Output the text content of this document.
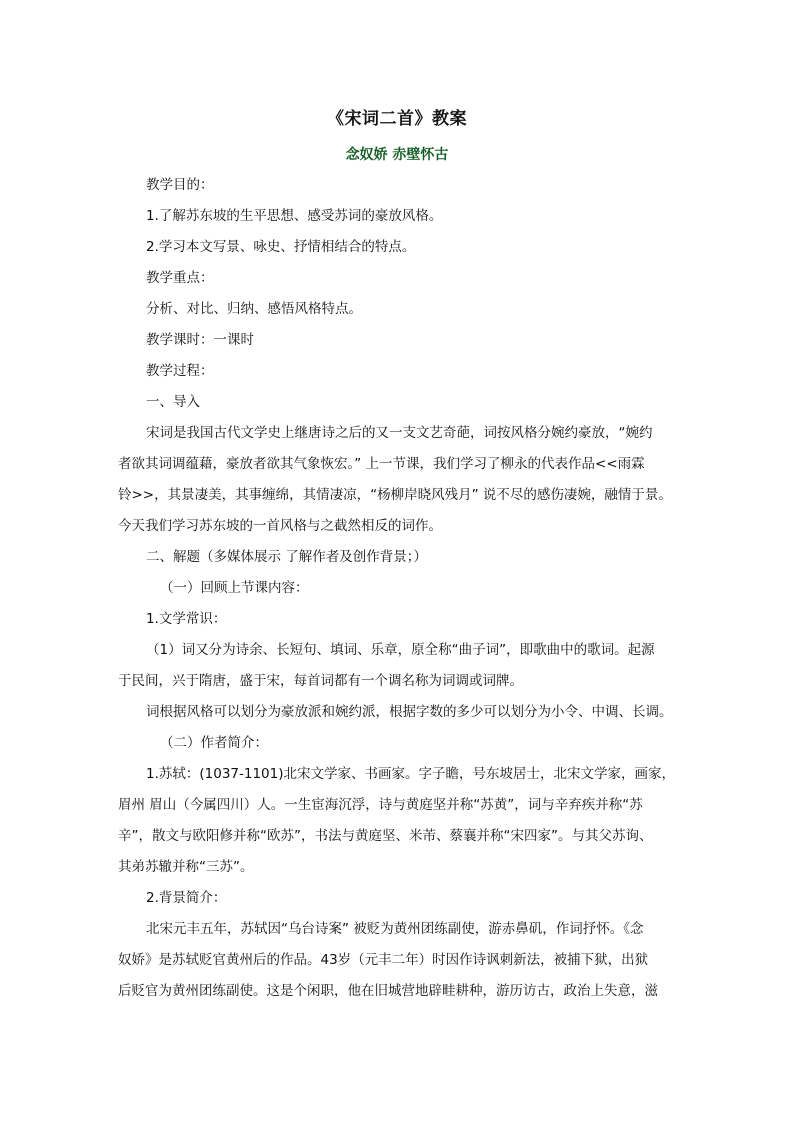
《宋词二首》教案
念奴娇 赤壁怀古
教学目的：
1.了解苏东坡的生平思想、感受苏词的豪放风格。
2.学习本文写景、咏史、抒情相结合的特点。
教学重点：
分析、对比、归纳、感悟风格特点。
教学课时：一课时
教学过程：
一、导入
宋词是我国古代文学史上继唐诗之后的又一支文艺奇葩，词按风格分婉约豪放，“婉约
者欲其词调蕴藉，豪放者欲其气象恢宏。” 上一节课，我们学习了柳永的代表作品<<雨霖
铃>>，其景凄美，其事缠绵，其情凄凉，“杨柳岸晓风残月” 说不尽的感伤凄婉，融情于景。
今天我们学习苏东坡的一首风格与之截然相反的词作。
二、解题（多媒体展示 了解作者及创作背景；）
（一）回顾上节课内容：
1.文学常识：
（1）词又分为诗余、长短句、填词、乐章，原全称“曲子词”，即歌曲中的歌词。起源
于民间，兴于隋唐，盛于宋，每首词都有一个调名称为词调或词牌。
词根据风格可以划分为豪放派和婉约派，根据字数的多少可以划分为小令、中调、长调。
（二）作者简介：
1.苏轼：(1037-1101)北宋文学家、书画家。字子瞻，号东坡居士，北宋文学家，画家，
眉州 眉山（今属四川）人。一生宦海沉浮，诗与黄庭坚并称“苏黄”，词与辛弃疾并称“苏
辛”，散文与欧阳修并称“欧苏”，书法与黄庭坚、米芾、蔡襄并称“宋四家”。与其父苏询、
其弟苏辙并称“三苏”。
2.背景简介：
北宋元丰五年，苏轼因“乌台诗案” 被贬为黄州团练副使，游赤鼻矶，作词抒怀。《念
奴娇》是苏轼贬官黄州后的作品。43岁（元丰二年）时因作诗讽刺新法，被捕下狱，出狱
后贬官为黄州团练副使。这是个闲职，他在旧城营地辟畦耕种，游历访古，政治上失意，滋
